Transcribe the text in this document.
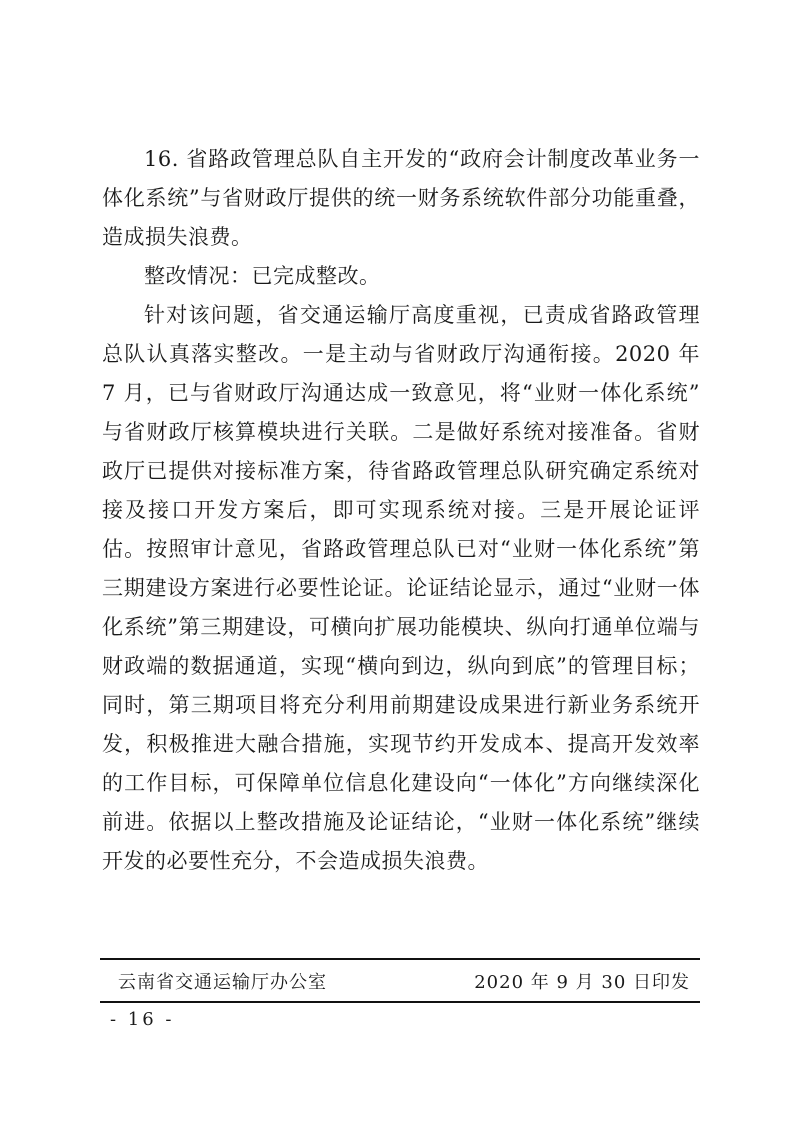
16. 省路政管理总队自主开发的“政府会计制度改革业务一体化系统”与省财政厅提供的统一财务系统软件部分功能重叠，造成损失浪费。

整改情况：已完成整改。

针对该问题，省交通运输厅高度重视，已责成省路政管理总队认真落实整改。一是主动与省财政厅沟通衔接。2020 年 7 月，已与省财政厅沟通达成一致意见，将“业财一体化系统”与省财政厅核算模块进行关联。二是做好系统对接准备。省财政厅已提供对接标准方案，待省路政管理总队研究确定系统对接及接口开发方案后，即可实现系统对接。三是开展论证评估。按照审计意见，省路政管理总队已对“业财一体化系统”第三期建设方案进行必要性论证。论证结论显示，通过“业财一体化系统”第三期建设，可横向扩展功能模块、纵向打通单位端与财政端的数据通道，实现“横向到边，纵向到底”的管理目标；同时，第三期项目将充分利用前期建设成果进行新业务系统开发，积极推进大融合措施，实现节约开发成本、提高开发效率的工作目标，可保障单位信息化建设向“一体化”方向继续深化前进。依据以上整改措施及论证结论，“业财一体化系统”继续开发的必要性充分，不会造成损失浪费。

云南省交通运输厅办公室	2020 年 9 月 30 日印发
- 16 -
